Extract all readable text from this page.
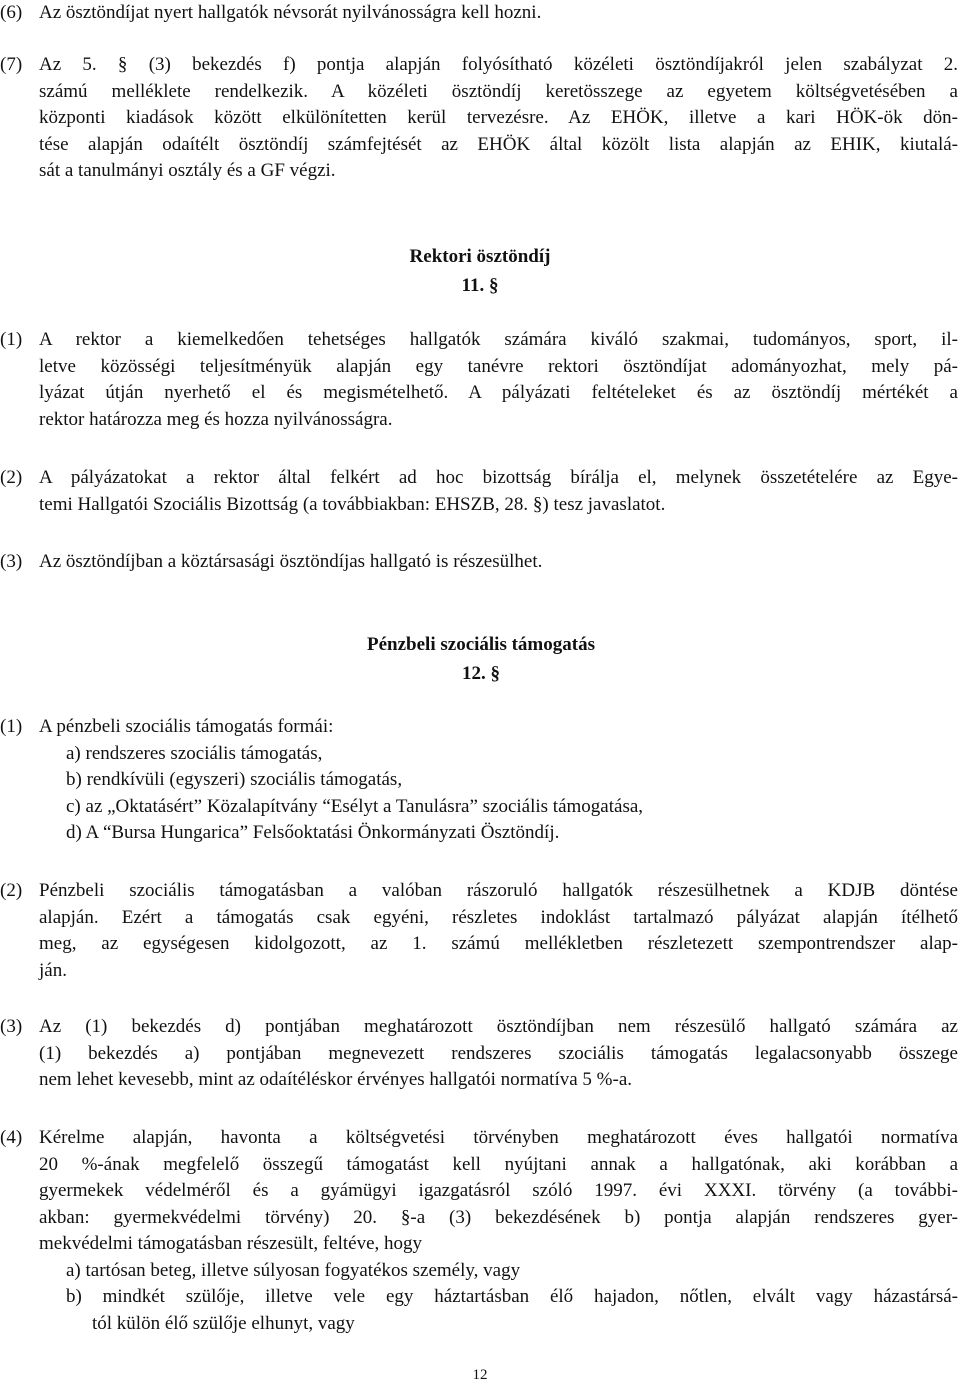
(6) Az ösztöndíjat nyert hallgatók névsorát nyilvánosságra kell hozni.
(7) Az 5. § (3) bekezdés f) pontja alapján folyósítható közéleti ösztöndíjakról jelen szabályzat 2.
számú melléklete rendelkezik. A közéleti ösztöndíj keretösszege az egyetem költségvetésében a
központi kiadások között elkülönítetten kerül tervezésre. Az EHÖK, illetve a kari HÖK-ök dön-
tése alapján odaítélt ösztöndíj számfejtését az EHÖK által közölt lista alapján az EHIK, kiutalá-
sát a tanulmányi osztály és a GF végzi.
Rektori ösztöndíj
11. §
(1) A rektor a kiemelkedően tehetséges hallgatók számára kiváló szakmai, tudományos, sport, il-
letve közösségi teljesítményük alapján egy tanévre rektori ösztöndíjat adományozhat, mely pá-
lyázat útján nyerhető el és megismételhető. A pályázati feltételeket és az ösztöndíj mértékét a
rektor határozza meg és hozza nyilvánosságra.
(2) A pályázatokat a rektor által felkért ad hoc bizottság bírálja el, melynek összetételére az Egye-
temi Hallgatói Szociális Bizottság (a továbbiakban: EHSZB, 28. §) tesz javaslatot.
(3) Az ösztöndíjban a köztársasági ösztöndíjas hallgató is részesülhet.
Pénzbeli szociális támogatás
12. §
(1) A pénzbeli szociális támogatás formái:
a) rendszeres szociális támogatás,
b) rendkívüli (egyszeri) szociális támogatás,
c) az „Oktatásért” Közalapítvány “Esélyt a Tanulásra” szociális támogatása,
d) A “Bursa Hungarica” Felsőoktatási Önkormányzati Ösztöndíj.
(2) Pénzbeli szociális támogatásban a valóban rászoruló hallgatók részesülhetnek a KDJB döntése
alapján. Ezért a támogatás csak egyéni, részletes indoklást tartalmazó pályázat alapján ítélhető
meg, az egységesen kidolgozott, az 1. számú mellékletben részletezett szempontrendszer alap-
ján.
(3) Az (1) bekezdés d) pontjában meghatározott ösztöndíjban nem részesülő hallgató számára az
(1) bekezdés a) pontjában megnevezett rendszeres szociális támogatás legalacsonyabb összege
nem lehet kevesebb, mint az odaítéléskor érvényes hallgatói normatíva 5 %-a.
(4) Kérelme alapján, havonta a költségvetési törvényben meghatározott éves hallgatói normatíva
20 %-ának megfelelő összegű támogatást kell nyújtani annak a hallgatónak, aki korábban a
gyermekek védelméről és a gyámügyi igazgatásról szóló 1997. évi XXXI. törvény (a további-
akban: gyermekvédelmi törvény) 20. §-a (3) bekezdésének b) pontja alapján rendszeres gyer-
mekvédelmi támogatásban részesült, feltéve, hogy
a) tartósan beteg, illetve súlyosan fogyatékos személy, vagy
b) mindkét szülője, illetve vele egy háztartásban élő hajadon, nőtlen, elvált vagy házastársá-
tól külön élő szülője elhunyt, vagy
12
